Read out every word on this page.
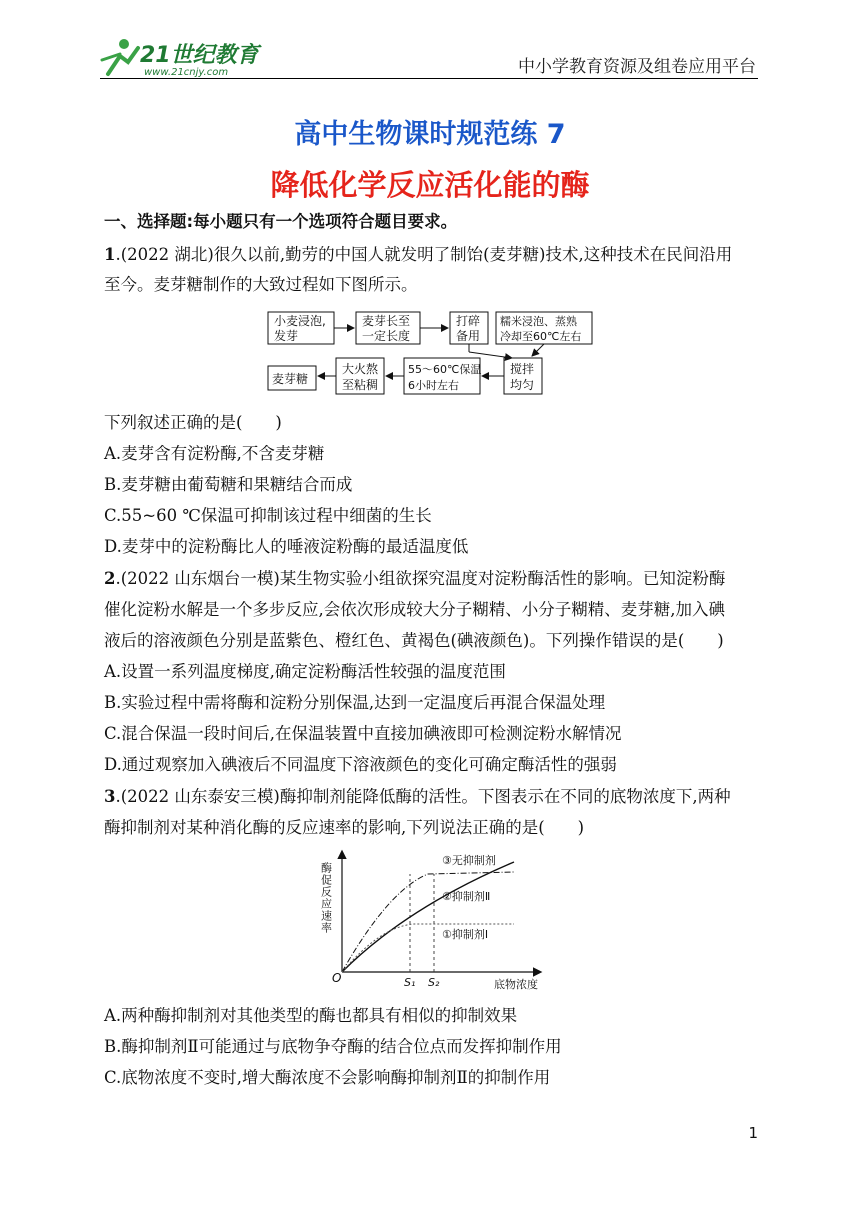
21世纪教育
www.21cnjy.com	中小学教育资源及组卷应用平台
高中生物课时规范练 7
降低化学反应活化能的酶
一、选择题:每小题只有一个选项符合题目要求。
1.(2022 湖北)很久以前,勤劳的中国人就发明了制饴(麦芽糖)技术,这种技术在民间沿用
至今。麦芽糖制作的大致过程如下图所示。
小麦浸泡,
发芽
麦芽长至
一定长度
打碎
备用
糯米浸泡、蒸熟
冷却至60℃左右
搅拌
均匀
55～60℃保温
6小时左右
大火熬
至粘稠
麦芽糖
下列叙述正确的是(　　)
A.麦芽含有淀粉酶,不含麦芽糖
B.麦芽糖由葡萄糖和果糖结合而成
C.55~60 ℃保温可抑制该过程中细菌的生长
D.麦芽中的淀粉酶比人的唾液淀粉酶的最适温度低
2.(2022 山东烟台一模)某生物实验小组欲探究温度对淀粉酶活性的影响。已知淀粉酶
催化淀粉水解是一个多步反应,会依次形成较大分子糊精、小分子糊精、麦芽糖,加入碘
液后的溶液颜色分别是蓝紫色、橙红色、黄褐色(碘液颜色)。下列操作错误的是(　　)
A.设置一系列温度梯度,确定淀粉酶活性较强的温度范围
B.实验过程中需将酶和淀粉分别保温,达到一定温度后再混合保温处理
C.混合保温一段时间后,在保温装置中直接加碘液即可检测淀粉水解情况
D.通过观察加入碘液后不同温度下溶液颜色的变化可确定酶活性的强弱
3.(2022 山东泰安三模)酶抑制剂能降低酶的活性。下图表示在不同的底物浓度下,两种
酶抑制剂对某种消化酶的反应速率的影响,下列说法正确的是(　　)
酶促反应速率
底物浓度
O	S₁ S₂
③无抑制剂
②抑制剂Ⅱ
①抑制剂Ⅰ
A.两种酶抑制剂对其他类型的酶也都具有相似的抑制效果
B.酶抑制剂Ⅱ可能通过与底物争夺酶的结合位点而发挥抑制作用
C.底物浓度不变时,增大酶浓度不会影响酶抑制剂Ⅱ的抑制作用
1
